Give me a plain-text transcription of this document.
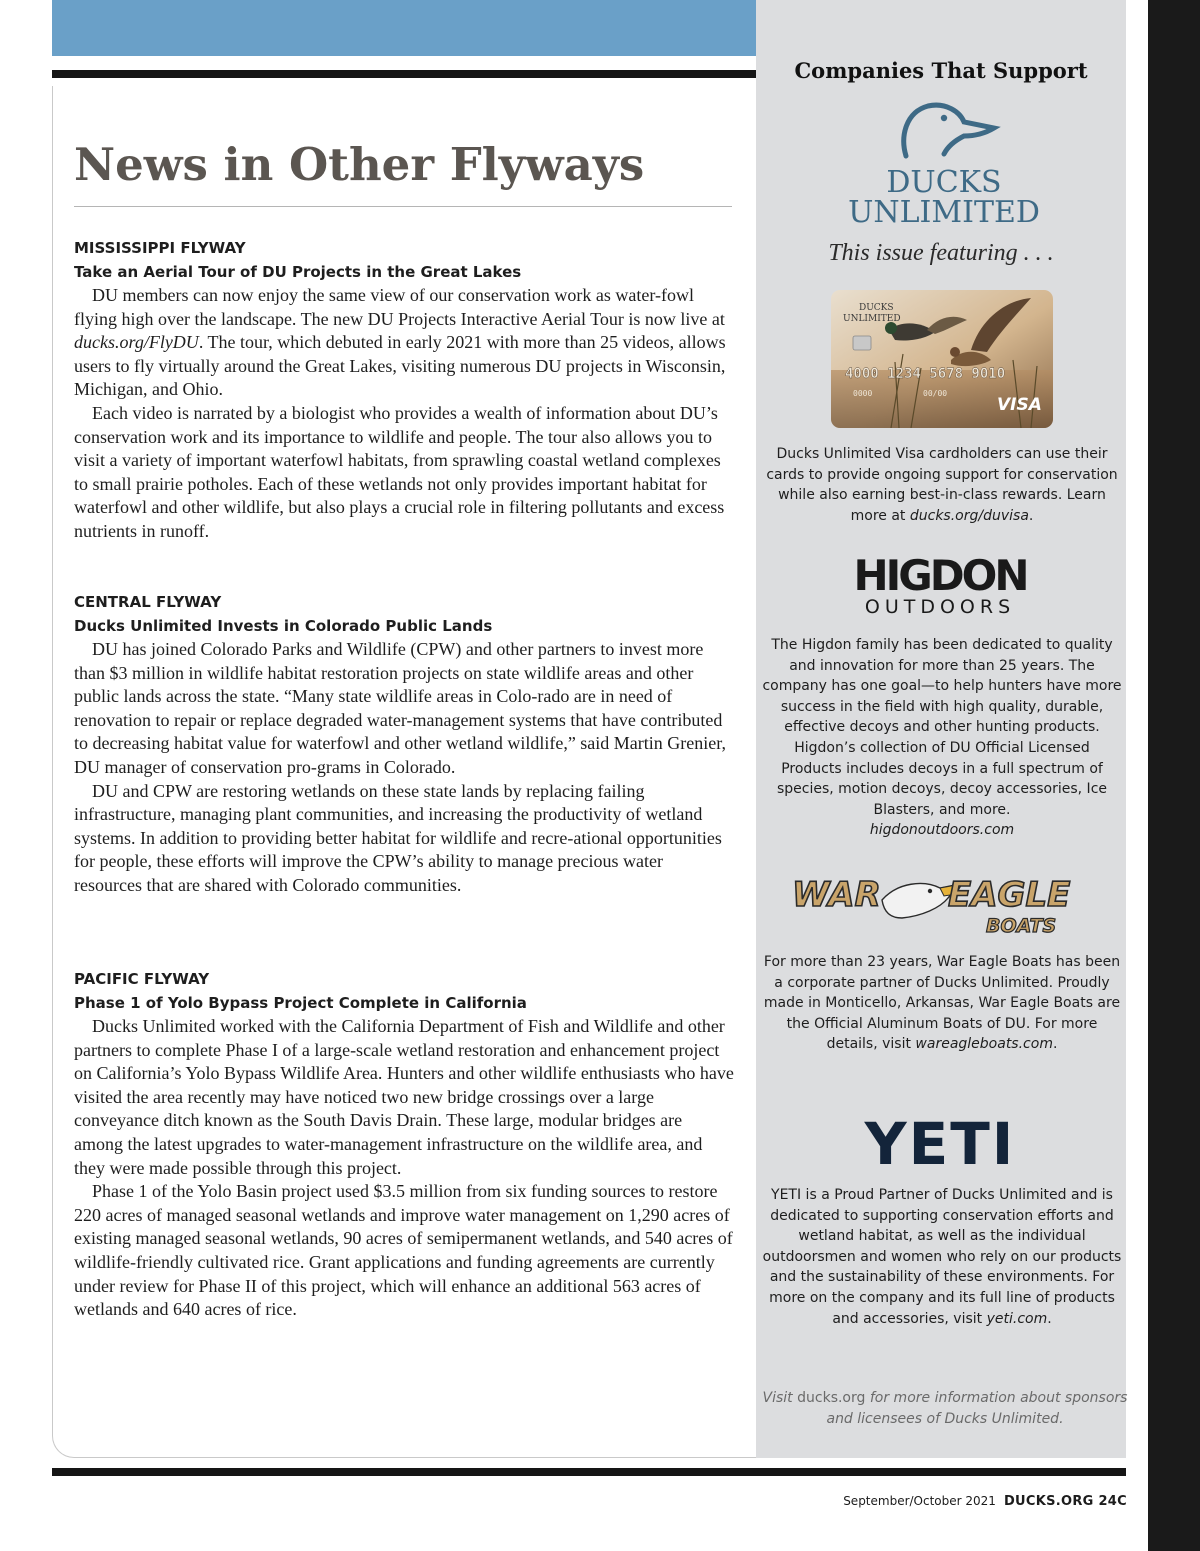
News in Other Flyways
MISSISSIPPI FLYWAY
Take an Aerial Tour of DU Projects in the Great Lakes

DU members can now enjoy the same view of our conservation work as water-fowl flying high over the landscape. The new DU Projects Interactive Aerial Tour is now live at ducks.org/FlyDU. The tour, which debuted in early 2021 with more than 25 videos, allows users to fly virtually around the Great Lakes, visiting numerous DU projects in Wisconsin, Michigan, and Ohio.

Each video is narrated by a biologist who provides a wealth of information about DU’s conservation work and its importance to wildlife and people. The tour also allows you to visit a variety of important waterfowl habitats, from sprawling coastal wetland complexes to small prairie potholes. Each of these wetlands not only provides important habitat for waterfowl and other wildlife, but also plays a crucial role in filtering pollutants and excess nutrients in runoff.

CENTRAL FLYWAY
Ducks Unlimited Invests in Colorado Public Lands

DU has joined Colorado Parks and Wildlife (CPW) and other partners to invest more than $3 million in wildlife habitat restoration projects on state wildlife areas and other public lands across the state. “Many state wildlife areas in Colo-rado are in need of renovation to repair or replace degraded water-management systems that have contributed to decreasing habitat value for waterfowl and other wetland wildlife,” said Martin Grenier, DU manager of conservation pro-grams in Colorado.

DU and CPW are restoring wetlands on these state lands by replacing failing infrastructure, managing plant communities, and increasing the productivity of wetland systems. In addition to providing better habitat for wildlife and recre-ational opportunities for people, these efforts will improve the CPW’s ability to manage precious water resources that are shared with Colorado communities.

PACIFIC FLYWAY
Phase 1 of Yolo Bypass Project Complete in California

Ducks Unlimited worked with the California Department of Fish and Wildlife and other partners to complete Phase I of a large-scale wetland restoration and enhancement project on California’s Yolo Bypass Wildlife Area. Hunters and other wildlife enthusiasts who have visited the area recently may have noticed two new bridge crossings over a large conveyance ditch known as the South Davis Drain. These large, modular bridges are among the latest upgrades to water-management infrastructure on the wildlife area, and they were made possible through this project.

Phase 1 of the Yolo Basin project used $3.5 million from six funding sources to restore 220 acres of managed seasonal wetlands and improve water management on 1,290 acres of existing managed seasonal wetlands, 90 acres of semipermanent wetlands, and 540 acres of wildlife-friendly cultivated rice. Grant applications and funding agreements are currently under review for Phase II of this project, which will enhance an additional 563 acres of wetlands and 640 acres of rice.

Companies That Support
DUCKS
UNLIMITED
This issue featuring . . .
DUCKS
UNLIMITED
4000 1234 5678 9010
0000	00/00
VISA
Ducks Unlimited Visa cardholders can use their cards to provide ongoing support for conservation while also earning best-in-class rewards. Learn more at ducks.org/duvisa.
HIGDON
OUTDOORS
The Higdon family has been dedicated to quality and innovation for more than 25 years. The company has one goal—to help hunters have more success in the field with high quality, durable, effective decoys and other hunting products. Higdon’s collection of DU Official Licensed Products includes decoys in a full spectrum of species, motion decoys, decoy accessories, Ice Blasters, and more.
higdonoutdoors.com
WAR EAGLE
BOATS
For more than 23 years, War Eagle Boats has been a corporate partner of Ducks Unlimited. Proudly made in Monticello, Arkansas, War Eagle Boats are the Official Aluminum Boats of DU. For more details, visit wareagleboats.com.
YETI
YETI is a Proud Partner of Ducks Unlimited and is dedicated to supporting conservation efforts and wetland habitat, as well as the individual outdoorsmen and women who rely on our products and the sustainability of these environments. For more on the company and its full line of products and accessories, visit yeti.com.
Visit ducks.org for more information about sponsors and licensees of Ducks Unlimited.
September/October 2021 DUCKS.ORG 24C
